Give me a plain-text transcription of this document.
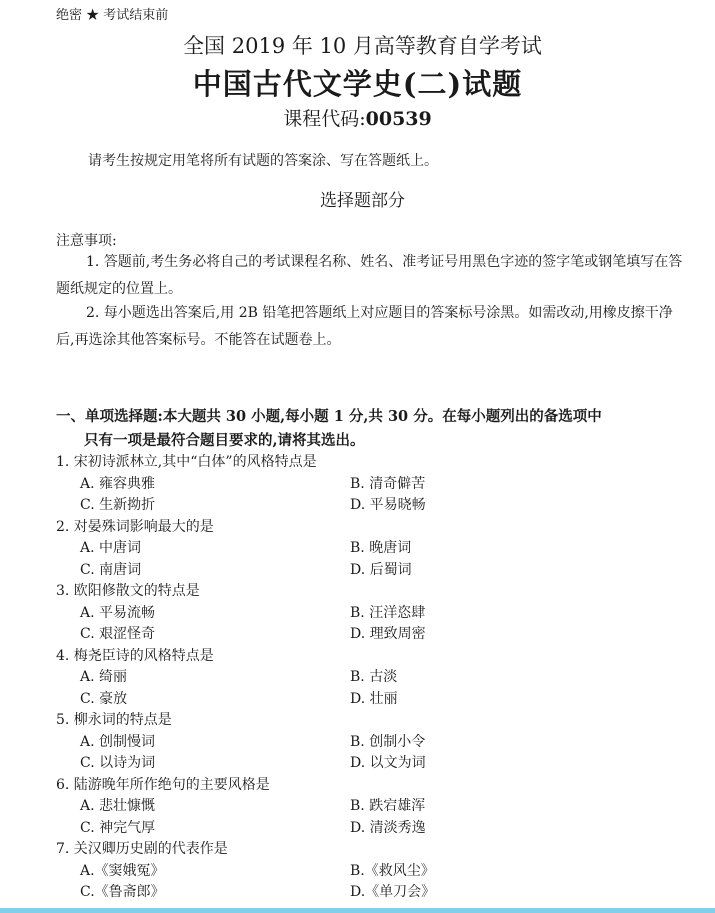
绝密 ★ 考试结束前
全国 2019 年 10 月高等教育自学考试
中国古代文学史(二)试题
课程代码:00539
请考生按规定用笔将所有试题的答案涂、写在答题纸上。
选择题部分
注意事项:
1. 答题前,考生务必将自己的考试课程名称、姓名、准考证号用黑色字迹的签字笔或钢笔填写在答题纸规定的位置上。
2. 每小题选出答案后,用 2B 铅笔把答题纸上对应题目的答案标号涂黑。如需改动,用橡皮擦干净后,再选涂其他答案标号。不能答在试题卷上。
一、单项选择题:本大题共 30 小题,每小题 1 分,共 30 分。在每小题列出的备选项中
只有一项是最符合题目要求的,请将其选出。
1. 宋初诗派林立,其中“白体”的风格特点是
A. 雍容典雅	B. 清奇僻苦
C. 生新拗折	D. 平易晓畅
2. 对晏殊词影响最大的是
A. 中唐词	B. 晚唐词
C. 南唐词	D. 后蜀词
3. 欧阳修散文的特点是
A. 平易流畅	B. 汪洋恣肆
C. 艰涩怪奇	D. 理致周密
4. 梅尧臣诗的风格特点是
A. 绮丽	B. 古淡
C. 豪放	D. 壮丽
5. 柳永词的特点是
A. 创制慢词	B. 创制小令
C. 以诗为词	D. 以文为词
6. 陆游晚年所作绝句的主要风格是
A. 悲壮慷慨	B. 跌宕雄浑
C. 神完气厚	D. 清淡秀逸
7. 关汉卿历史剧的代表作是
A.《窦娥冤》	B.《救风尘》
C.《鲁斋郎》	D.《单刀会》
